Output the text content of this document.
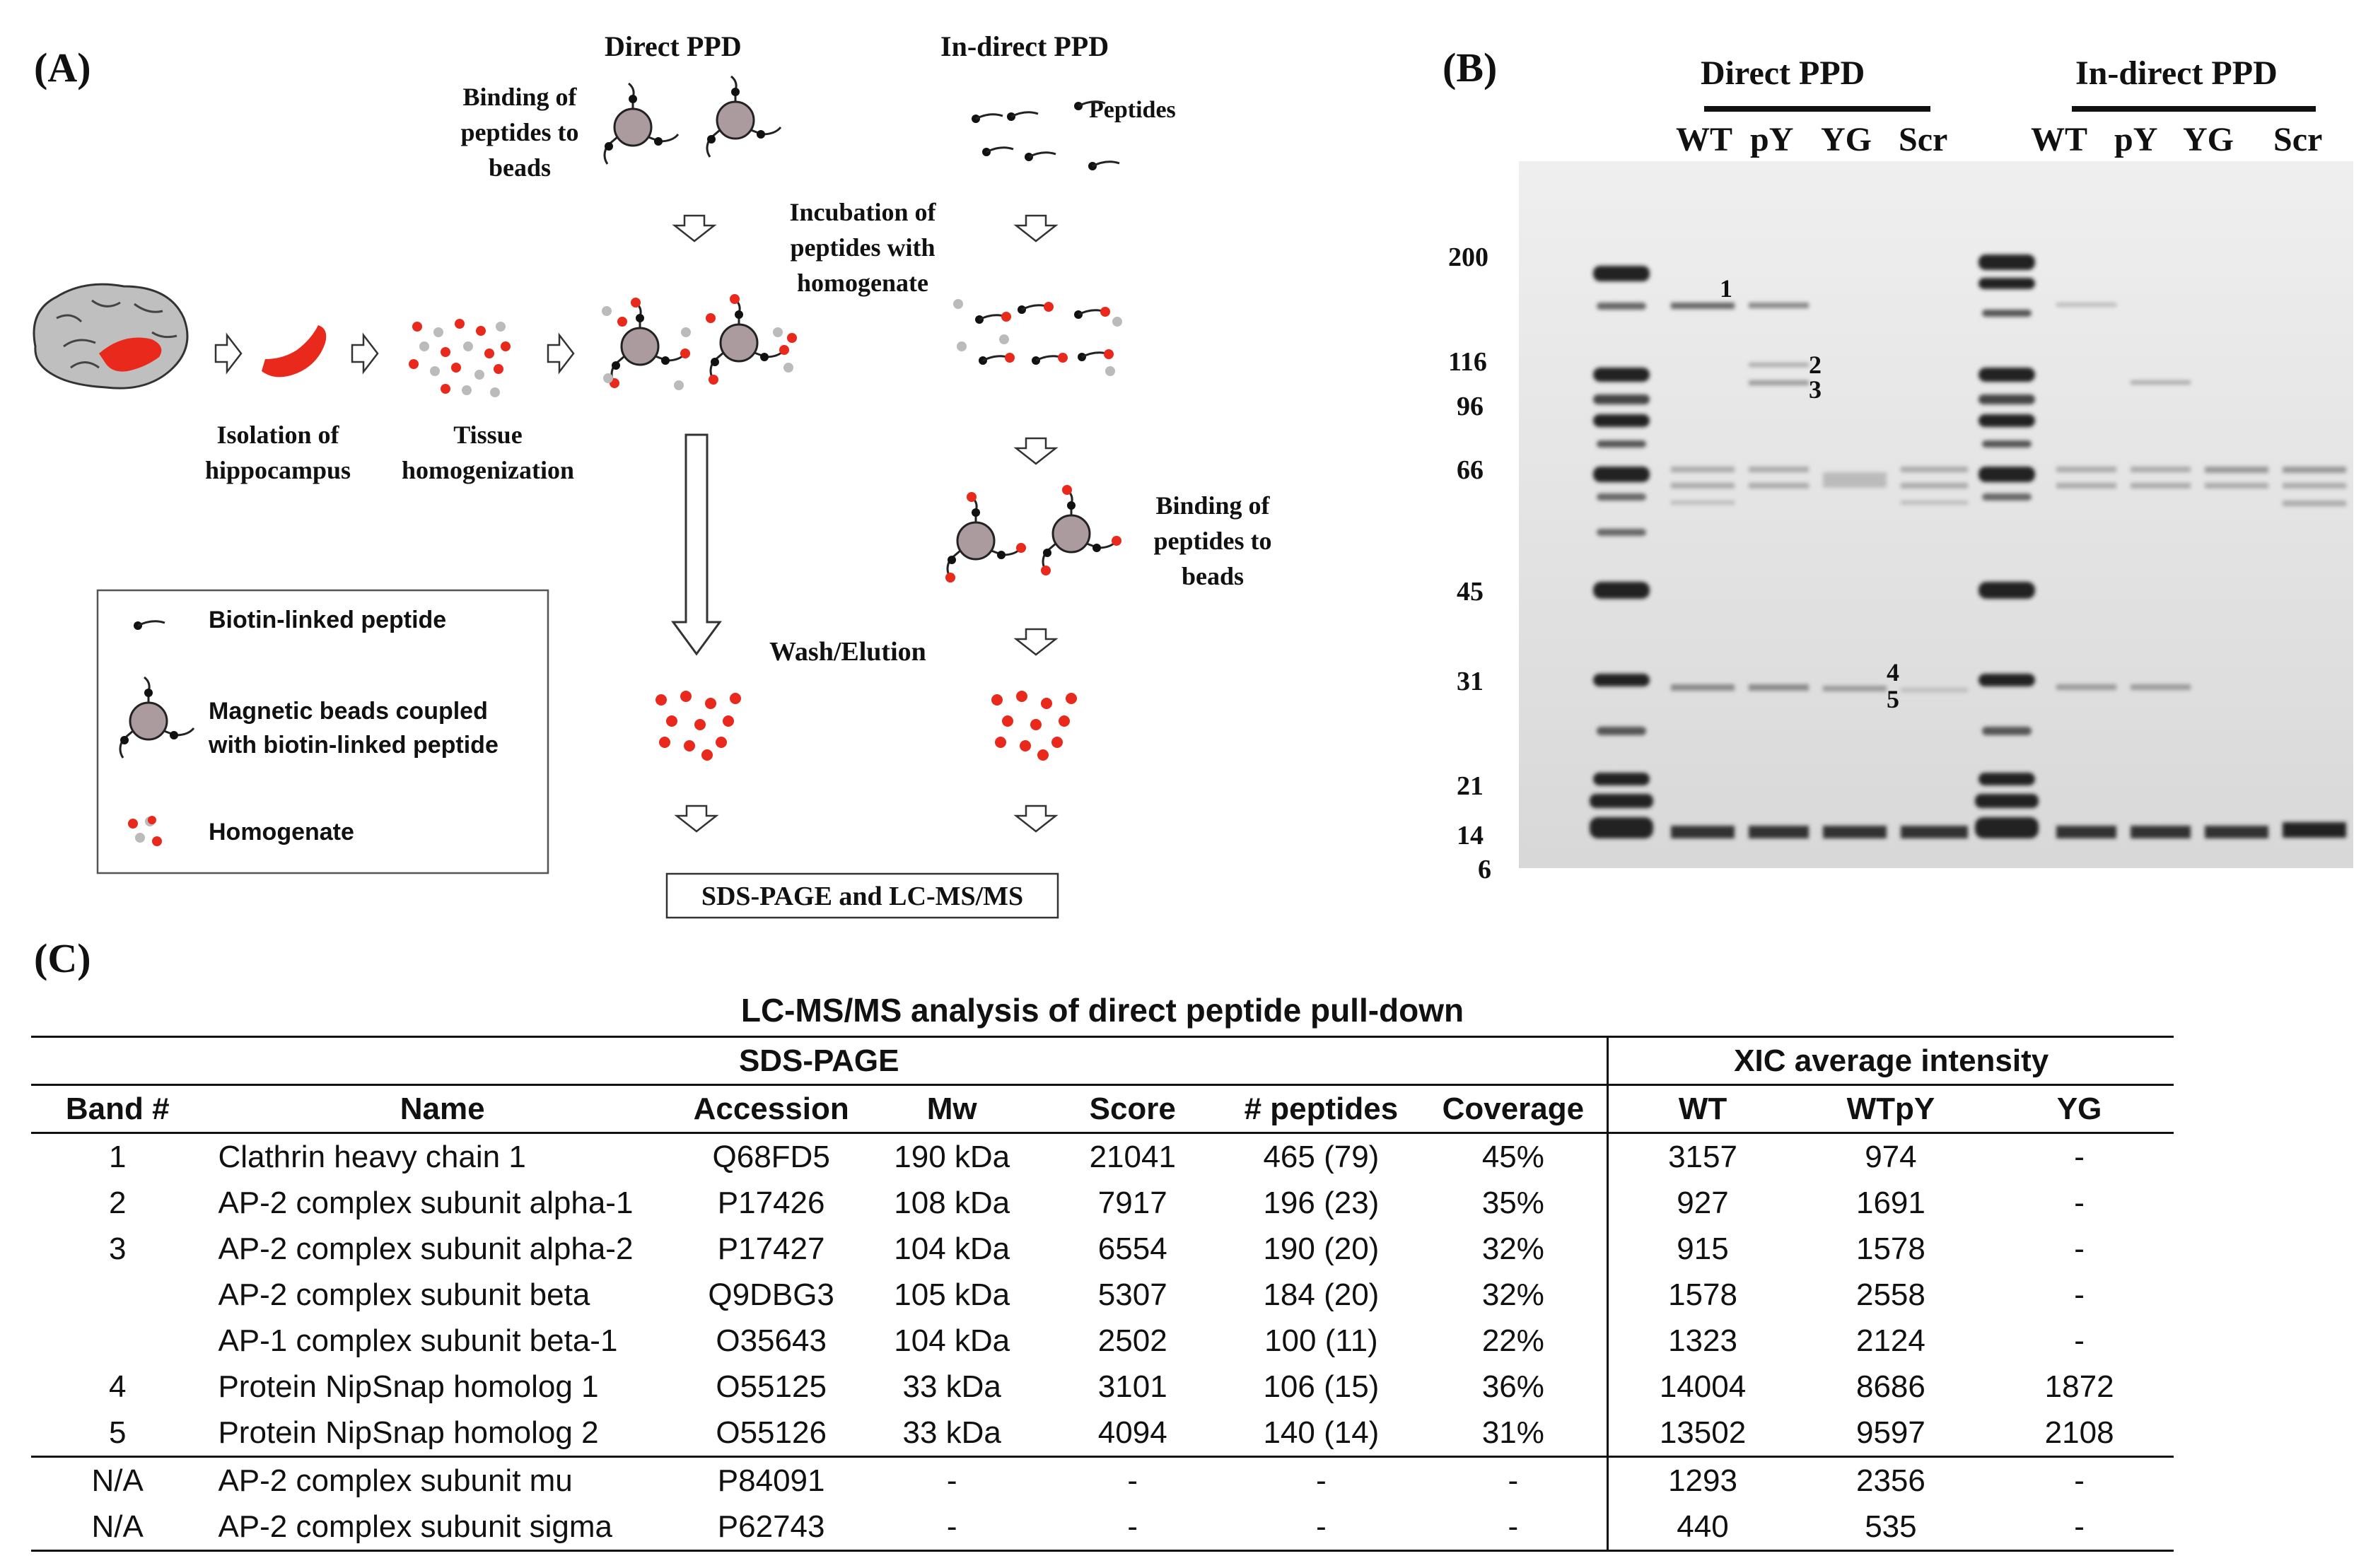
(A)	Direct PPD	In-direct PPD
Binding of peptides to beads
Peptides
Incubation of peptides with homogenate
Isolation of hippocampus
Tissue homogenization
Binding of peptides to beads
Wash/Elution
Biotin-linked peptide
Magnetic beads coupled with biotin-linked peptide
Homogenate
SDS-PAGE and LC-MS/MS
(B)	Direct PPD	In-direct PPD
WT pY YG Scr WT pY YG Scr
200
116
96
66
45
31
21
14
6
1
2
3
4
5
(C)
LC-MS/MS analysis of direct peptide pull-down
SDS-PAGE							XIC average intensity		
Band #	Name	Accession	Mw	Score	# peptides	Coverage	WT	WTpY	YG
1	Clathrin heavy chain 1	Q68FD5	190 kDa	21041	465 (79)	45%	3157	974	-
2	AP-2 complex subunit alpha-1	P17426	108 kDa	7917	196 (23)	35%	927	1691	-
3	AP-2 complex subunit alpha-2	P17427	104 kDa	6554	190 (20)	32%	915	1578	-
	AP-2 complex subunit beta	Q9DBG3	105 kDa	5307	184 (20)	32%	1578	2558	-
	AP-1 complex subunit beta-1	O35643	104 kDa	2502	100 (11)	22%	1323	2124	-
4	Protein NipSnap homolog 1	O55125	33 kDa	3101	106 (15)	36%	14004	8686	1872
5	Protein NipSnap homolog 2	O55126	33 kDa	4094	140 (14)	31%	13502	9597	2108
N/A	AP-2 complex subunit mu	P84091	-	-	-	-	1293	2356	-
N/A	AP-2 complex subunit sigma	P62743	-	-	-	-	440	535	-
